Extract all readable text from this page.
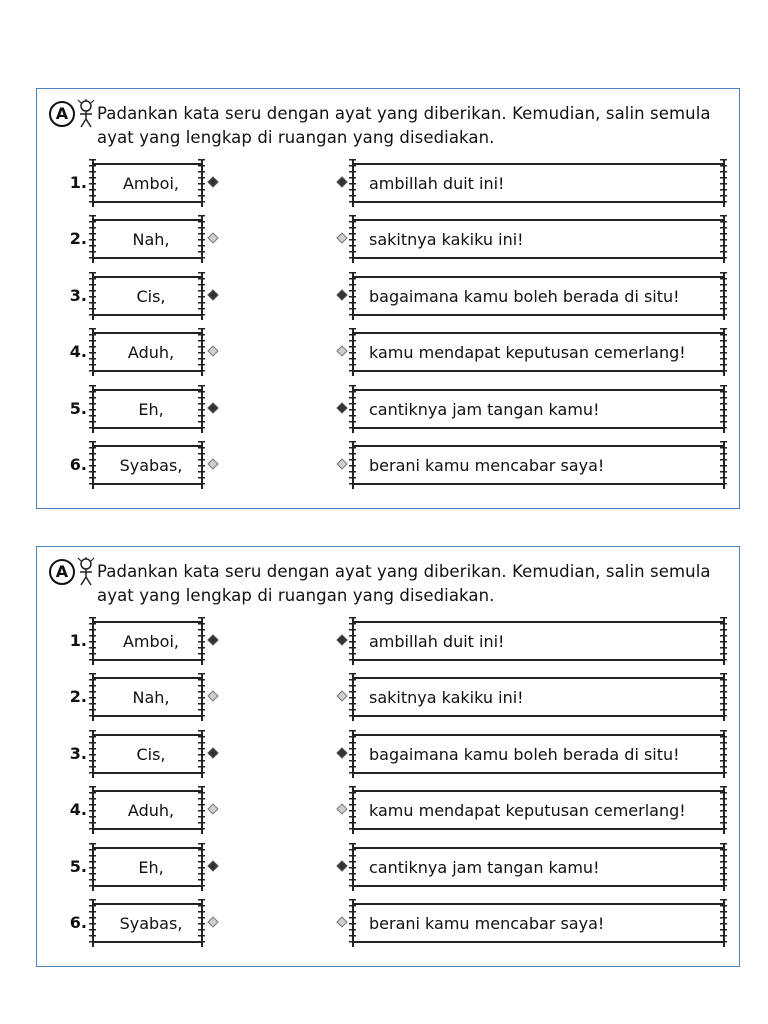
A	Padankan kata seru dengan ayat yang diberikan. Kemudian, salin semula ayat yang lengkap di ruangan yang disediakan.
1.	Amboi,	ambillah duit ini!
2.	Nah,	sakitnya kakiku ini!
3.	Cis,	bagaimana kamu boleh berada di situ!
4.	Aduh,	kamu mendapat keputusan cemerlang!
5.	Eh,	cantiknya jam tangan kamu!
6.	Syabas,	berani kamu mencabar saya!
A	Padankan kata seru dengan ayat yang diberikan. Kemudian, salin semula ayat yang lengkap di ruangan yang disediakan.
1.	Amboi,	ambillah duit ini!
2.	Nah,	sakitnya kakiku ini!
3.	Cis,	bagaimana kamu boleh berada di situ!
4.	Aduh,	kamu mendapat keputusan cemerlang!
5.	Eh,	cantiknya jam tangan kamu!
6.	Syabas,	berani kamu mencabar saya!
